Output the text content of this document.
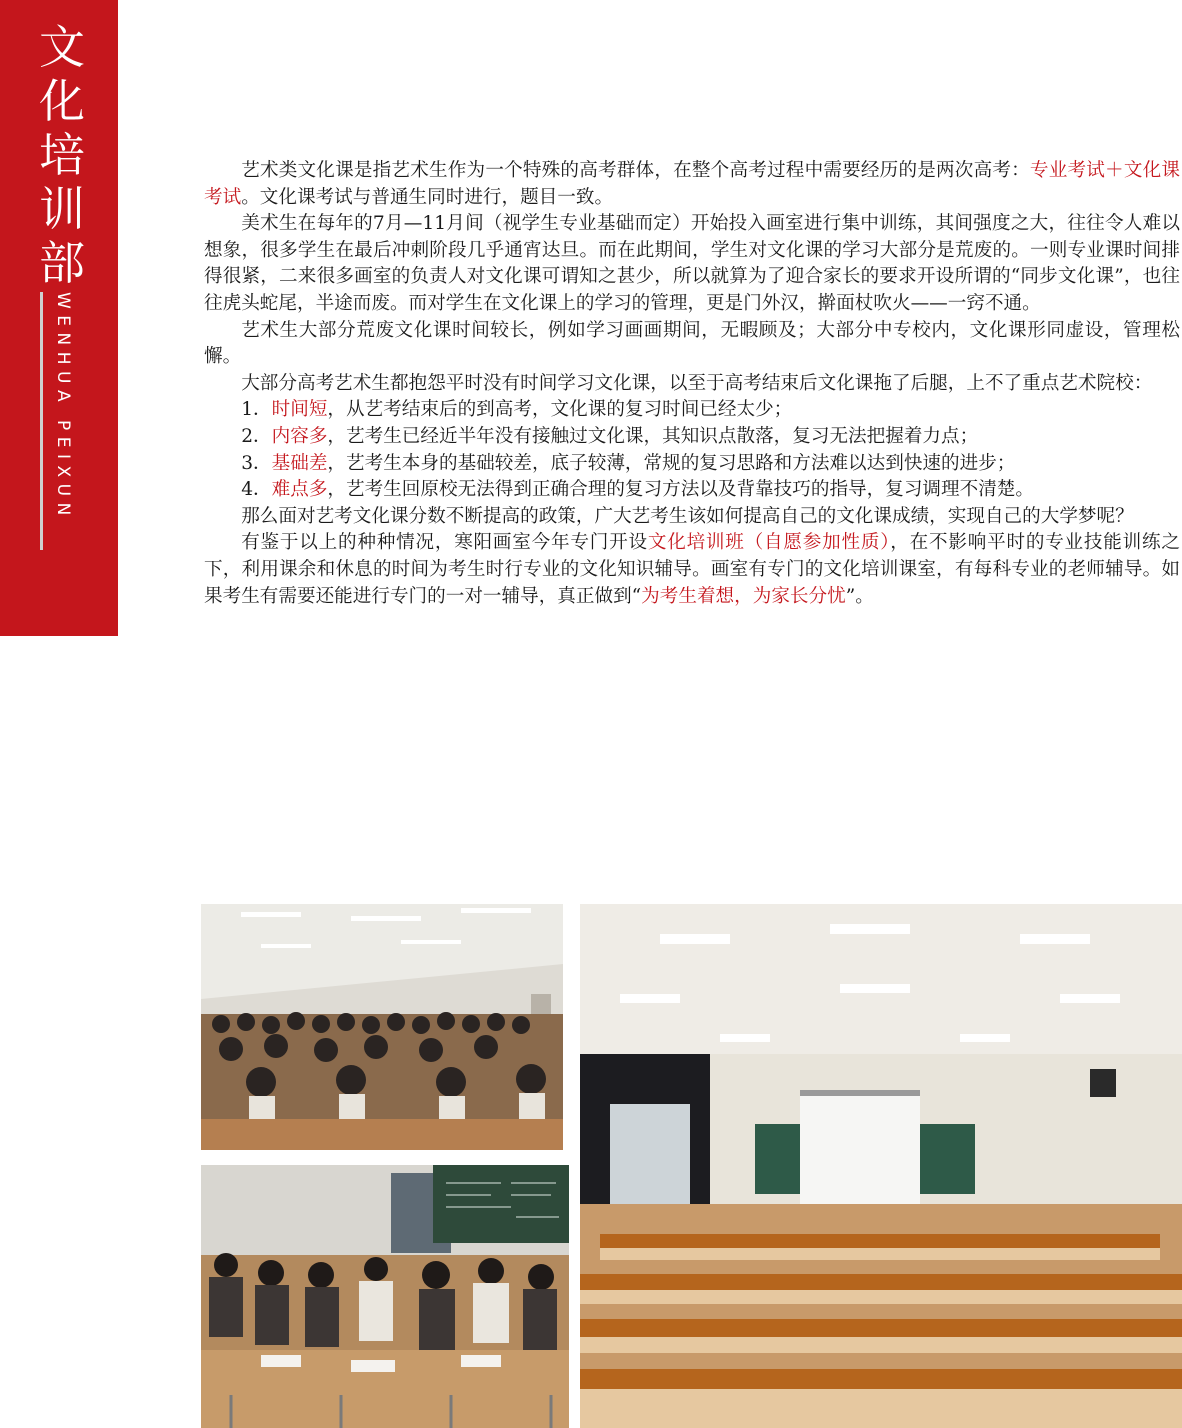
文
化
培
训
部
WENHUA PEIXUN

艺术类文化课是指艺术生作为一个特殊的高考群体，在整个高考过程中需要经历的是两次高考：专业考试＋文化课考试。文化课考试与普通生同时进行，题目一致。

美术生在每年的7月—11月间（视学生专业基础而定）开始投入画室进行集中训练，其间强度之大，往往令人难以想象，很多学生在最后冲刺阶段几乎通宵达旦。而在此期间，学生对文化课的学习大部分是荒废的。一则专业课时间排得很紧，二来很多画室的负责人对文化课可谓知之甚少，所以就算为了迎合家长的要求开设所谓的“同步文化课”，也往往虎头蛇尾，半途而废。而对学生在文化课上的学习的管理，更是门外汉，擀面杖吹火——一窍不通。

艺术生大部分荒废文化课时间较长，例如学习画画期间，无暇顾及；大部分中专校内，文化课形同虚设，管理松懈。

大部分高考艺术生都抱怨平时没有时间学习文化课，以至于高考结束后文化课拖了后腿，上不了重点艺术院校：

1．时间短，从艺考结束后的到高考，文化课的复习时间已经太少；

2．内容多，艺考生已经近半年没有接触过文化课，其知识点散落，复习无法把握着力点；

3．基础差，艺考生本身的基础较差，底子较薄，常规的复习思路和方法难以达到快速的进步；

4．难点多，艺考生回原校无法得到正确合理的复习方法以及背靠技巧的指导，复习调理不清楚。

那么面对艺考文化课分数不断提高的政策，广大艺考生该如何提高自己的文化课成绩，实现自己的大学梦呢？

有鉴于以上的种种情况，寒阳画室今年专门开设文化培训班（自愿参加性质），在不影响平时的专业技能训练之下，利用课余和休息的时间为考生时行专业的文化知识辅导。画室有专门的文化培训课室，有每科专业的老师辅导。如果考生有需要还能进行专门的一对一辅导，真正做到“为考生着想，为家长分忧”。
